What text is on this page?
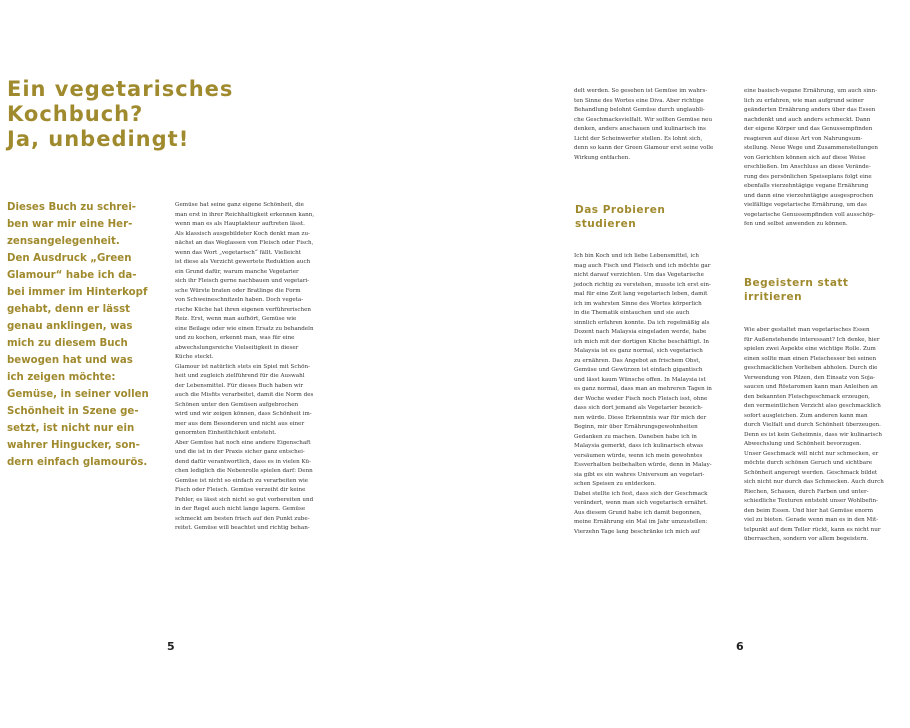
Ein vegetarisches
Kochbuch?
Ja, unbedingt!
Dieses Buch zu schrei-
ben war mir eine Her-
zensangelegenheit.
Den Ausdruck „Green
Glamour“ habe ich da-
bei immer im Hinterkopf
gehabt, denn er lässt
genau anklingen, was
mich zu diesem Buch
bewogen hat und was
ich zeigen möchte:
Gemüse, in seiner vollen
Schönheit in Szene ge-
setzt, ist nicht nur ein
wahrer Hingucker, son-
dern einfach glamourös.
Gemüse hat seine ganz eigene Schönheit, die
man erst in ihrer Reichhaltigkeit erkennen kann,
wenn man es als Hauptakteur auftreten lässt.
Als klassisch ausgebildeter Koch denkt man zu-
nächst an das Weglassen von Fleisch oder Fisch,
wenn das Wort „vegetarisch“ fällt. Vielleicht
ist diese als Verzicht gewertete Reduktion auch
ein Grund dafür, warum manche Vegetarier
sich ihr Fleisch gerne nachbauen und vegetari-
sche Würste braten oder Bratlinge die Form
von Schweineschnitzeln haben. Doch vegeta-
rische Küche hat ihren eigenen verführerischen
Reiz. Erst, wenn man aufhört, Gemüse wie
eine Beilage oder wie einen Ersatz zu behandeln
und zu kochen, erkennt man, was für eine
abwechslungsreiche Vielseitigkeit in dieser
Küche steckt.
Glamour ist natürlich stets ein Spiel mit Schön-
heit und zugleich zielführend für die Auswahl
der Lebensmittel. Für dieses Buch haben wir
auch die Misfits verarbeitet, damit die Norm des
Schönen unter den Gemüsen aufgebrochen
wird und wir zeigen können, dass Schönheit im-
mer aus dem Besonderen und nicht aus einer
genormten Einheitlichkeit entsteht.
Aber Gemüse hat noch eine andere Eigenschaft
und die ist in der Praxis sicher ganz entschei-
dend dafür verantwortlich, dass es in vielen Kü-
chen lediglich die Nebenrolle spielen darf: Denn
Gemüse ist nicht so einfach zu verarbeiten wie
Fisch oder Fleisch. Gemüse verzeiht dir keine
Fehler, es lässt sich nicht so gut vorbereiten und
in der Regel auch nicht lange lagern. Gemüse
schmeckt am besten frisch auf den Punkt zube-
reitet. Gemüse will beachtet und richtig behan-
5
delt werden. So gesehen ist Gemüse im wahrs-
ten Sinne des Wortes eine Diva. Aber richtige
Behandlung belohnt Gemüse durch unglaubli-
che Geschmacksvielfalt. Wir sollten Gemüse neu
denken, anders anschauen und kulinarisch ins
Licht der Scheinwerfer stellen. Es lohnt sich,
denn so kann der Green Glamour erst seine volle
Wirkung entfachen.
Das Probieren
studieren
Ich bin Koch und ich liebe Lebensmittel, ich
mag auch Fisch und Fleisch und ich möchte gar
nicht darauf verzichten. Um das Vegetarische
jedoch richtig zu verstehen, musste ich erst ein-
mal für eine Zeit lang vegetarisch leben, damit
ich im wahrsten Sinne des Wortes körperlich
in die Thematik eintauchen und sie auch
sinnlich erfahren konnte. Da ich regelmäßig als
Dozent nach Malaysia eingeladen werde, habe
ich mich mit der dortigen Küche beschäftigt. In
Malaysia ist es ganz normal, sich vegetarisch
zu ernähren. Das Angebot an frischem Obst,
Gemüse und Gewürzen ist einfach gigantisch
und lässt kaum Wünsche offen. In Malaysia ist
es ganz normal, dass man an mehreren Tagen in
der Woche weder Fisch noch Fleisch isst, ohne
dass sich dort jemand als Vegetarier bezeich-
nen würde. Diese Erkenntnis war für mich der
Beginn, mir über Ernährungsgewohnheiten
Gedanken zu machen. Daneben habe ich in
Malaysia gemerkt, dass ich kulinarisch etwas
versäumen würde, wenn ich mein gewohntes
Essverhalten beibehalten würde, denn in Malay-
sia gibt es ein wahres Universum an vegetari-
schen Speisen zu entdecken.
Dabei stellte ich fest, dass sich der Geschmack
verändert, wenn man sich vegetarisch ernährt.
Aus diesem Grund habe ich damit begonnen,
meine Ernährung ein Mal im Jahr umzustellen:
Vierzehn Tage lang beschränke ich mich auf
eine basisch-vegane Ernährung, um auch sinn-
lich zu erfahren, wie man aufgrund seiner
geänderten Ernährung anders über das Essen
nachdenkt und auch anders schmeckt. Dann
der eigene Körper und das Genussempfinden
reagieren auf diese Art von Nahrungsum-
stellung. Neue Wege und Zusammenstellungen
von Gerichten können sich auf diese Weise
erschließen. Im Anschluss an diese Verände-
rung des persönlichen Speiseplans folgt eine
ebenfalls vierzehntägige vegane Ernährung
und dann eine vierzehntägige ausgesprochen
vielfältige vegetarische Ernährung, um das
vegetarische Genussempfinden voll ausschöp-
fen und selbst anwenden zu können.
Begeistern statt
irritieren
Wie aber gestaltet man vegetarisches Essen
für Außenstehende interessant? Ich denke, hier
spielen zwei Aspekte eine wichtige Rolle. Zum
einen sollte man einen Fleischesser bei seinen
geschmacklichen Vorlieben abholen. Durch die
Verwendung von Pilzen, den Einsatz von Soja-
saucen und Röstaromen kann man Anleihen an
den bekannten Fleischgeschmack erzeugen,
den vermeintlichen Verzicht also geschmacklich
sofort ausgleichen. Zum anderen kann man
durch Vielfalt und durch Schönheit überzeugen.
Denn es ist kein Geheimnis, dass wir kulinarisch
Abwechslung und Schönheit bevorzugen.
Unser Geschmack will nicht nur schmecken, er
möchte durch schönen Geruch und sichtbare
Schönheit angeregt werden. Geschmack bildet
sich nicht nur durch das Schmecken. Auch durch
Riechen, Schauen, durch Farben und unter-
schiedliche Texturen entsteht unser Wohlbefin-
den beim Essen. Und hier hat Gemüse enorm
viel zu bieten. Gerade wenn man es in den Mit-
telpunkt auf dem Teller rückt, kann es nicht nur
überraschen, sondern vor allem begeistern.
6
